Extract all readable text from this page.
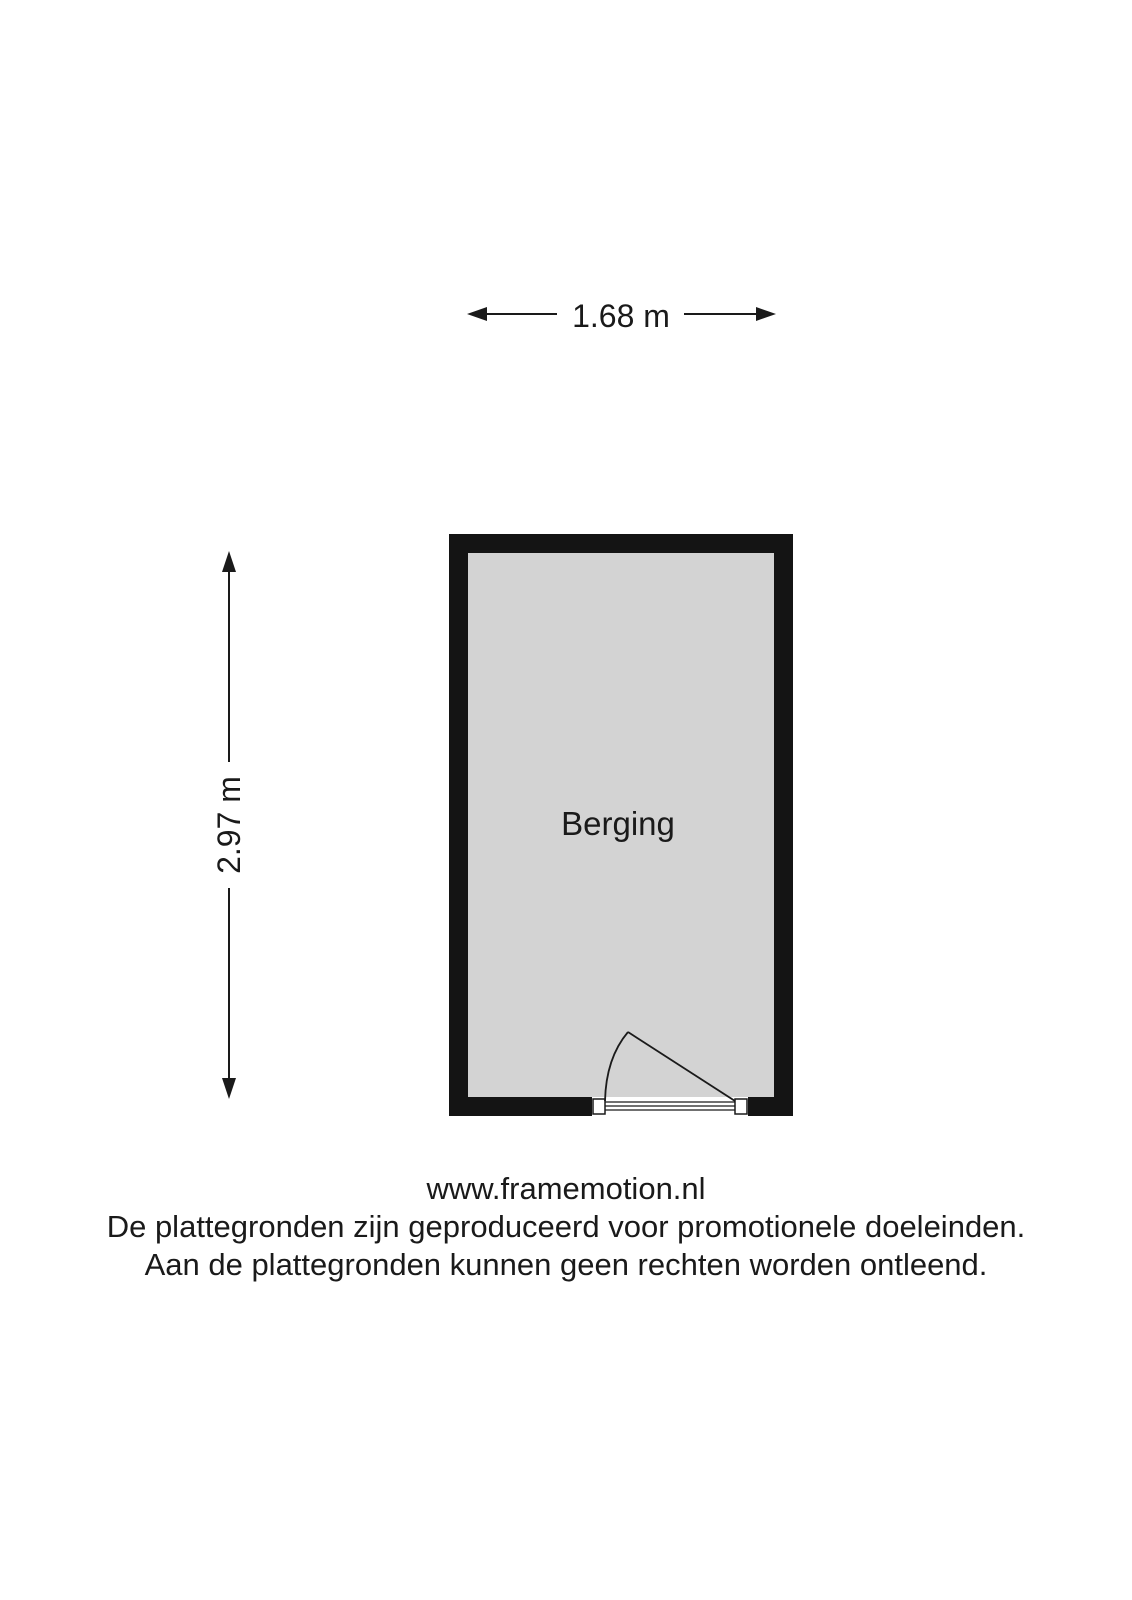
1.68 m
2.97 m	Berging
www.framemotion.nl
De plattegronden zijn geproduceerd voor promotionele doeleinden.
Aan de plattegronden kunnen geen rechten worden ontleend.
